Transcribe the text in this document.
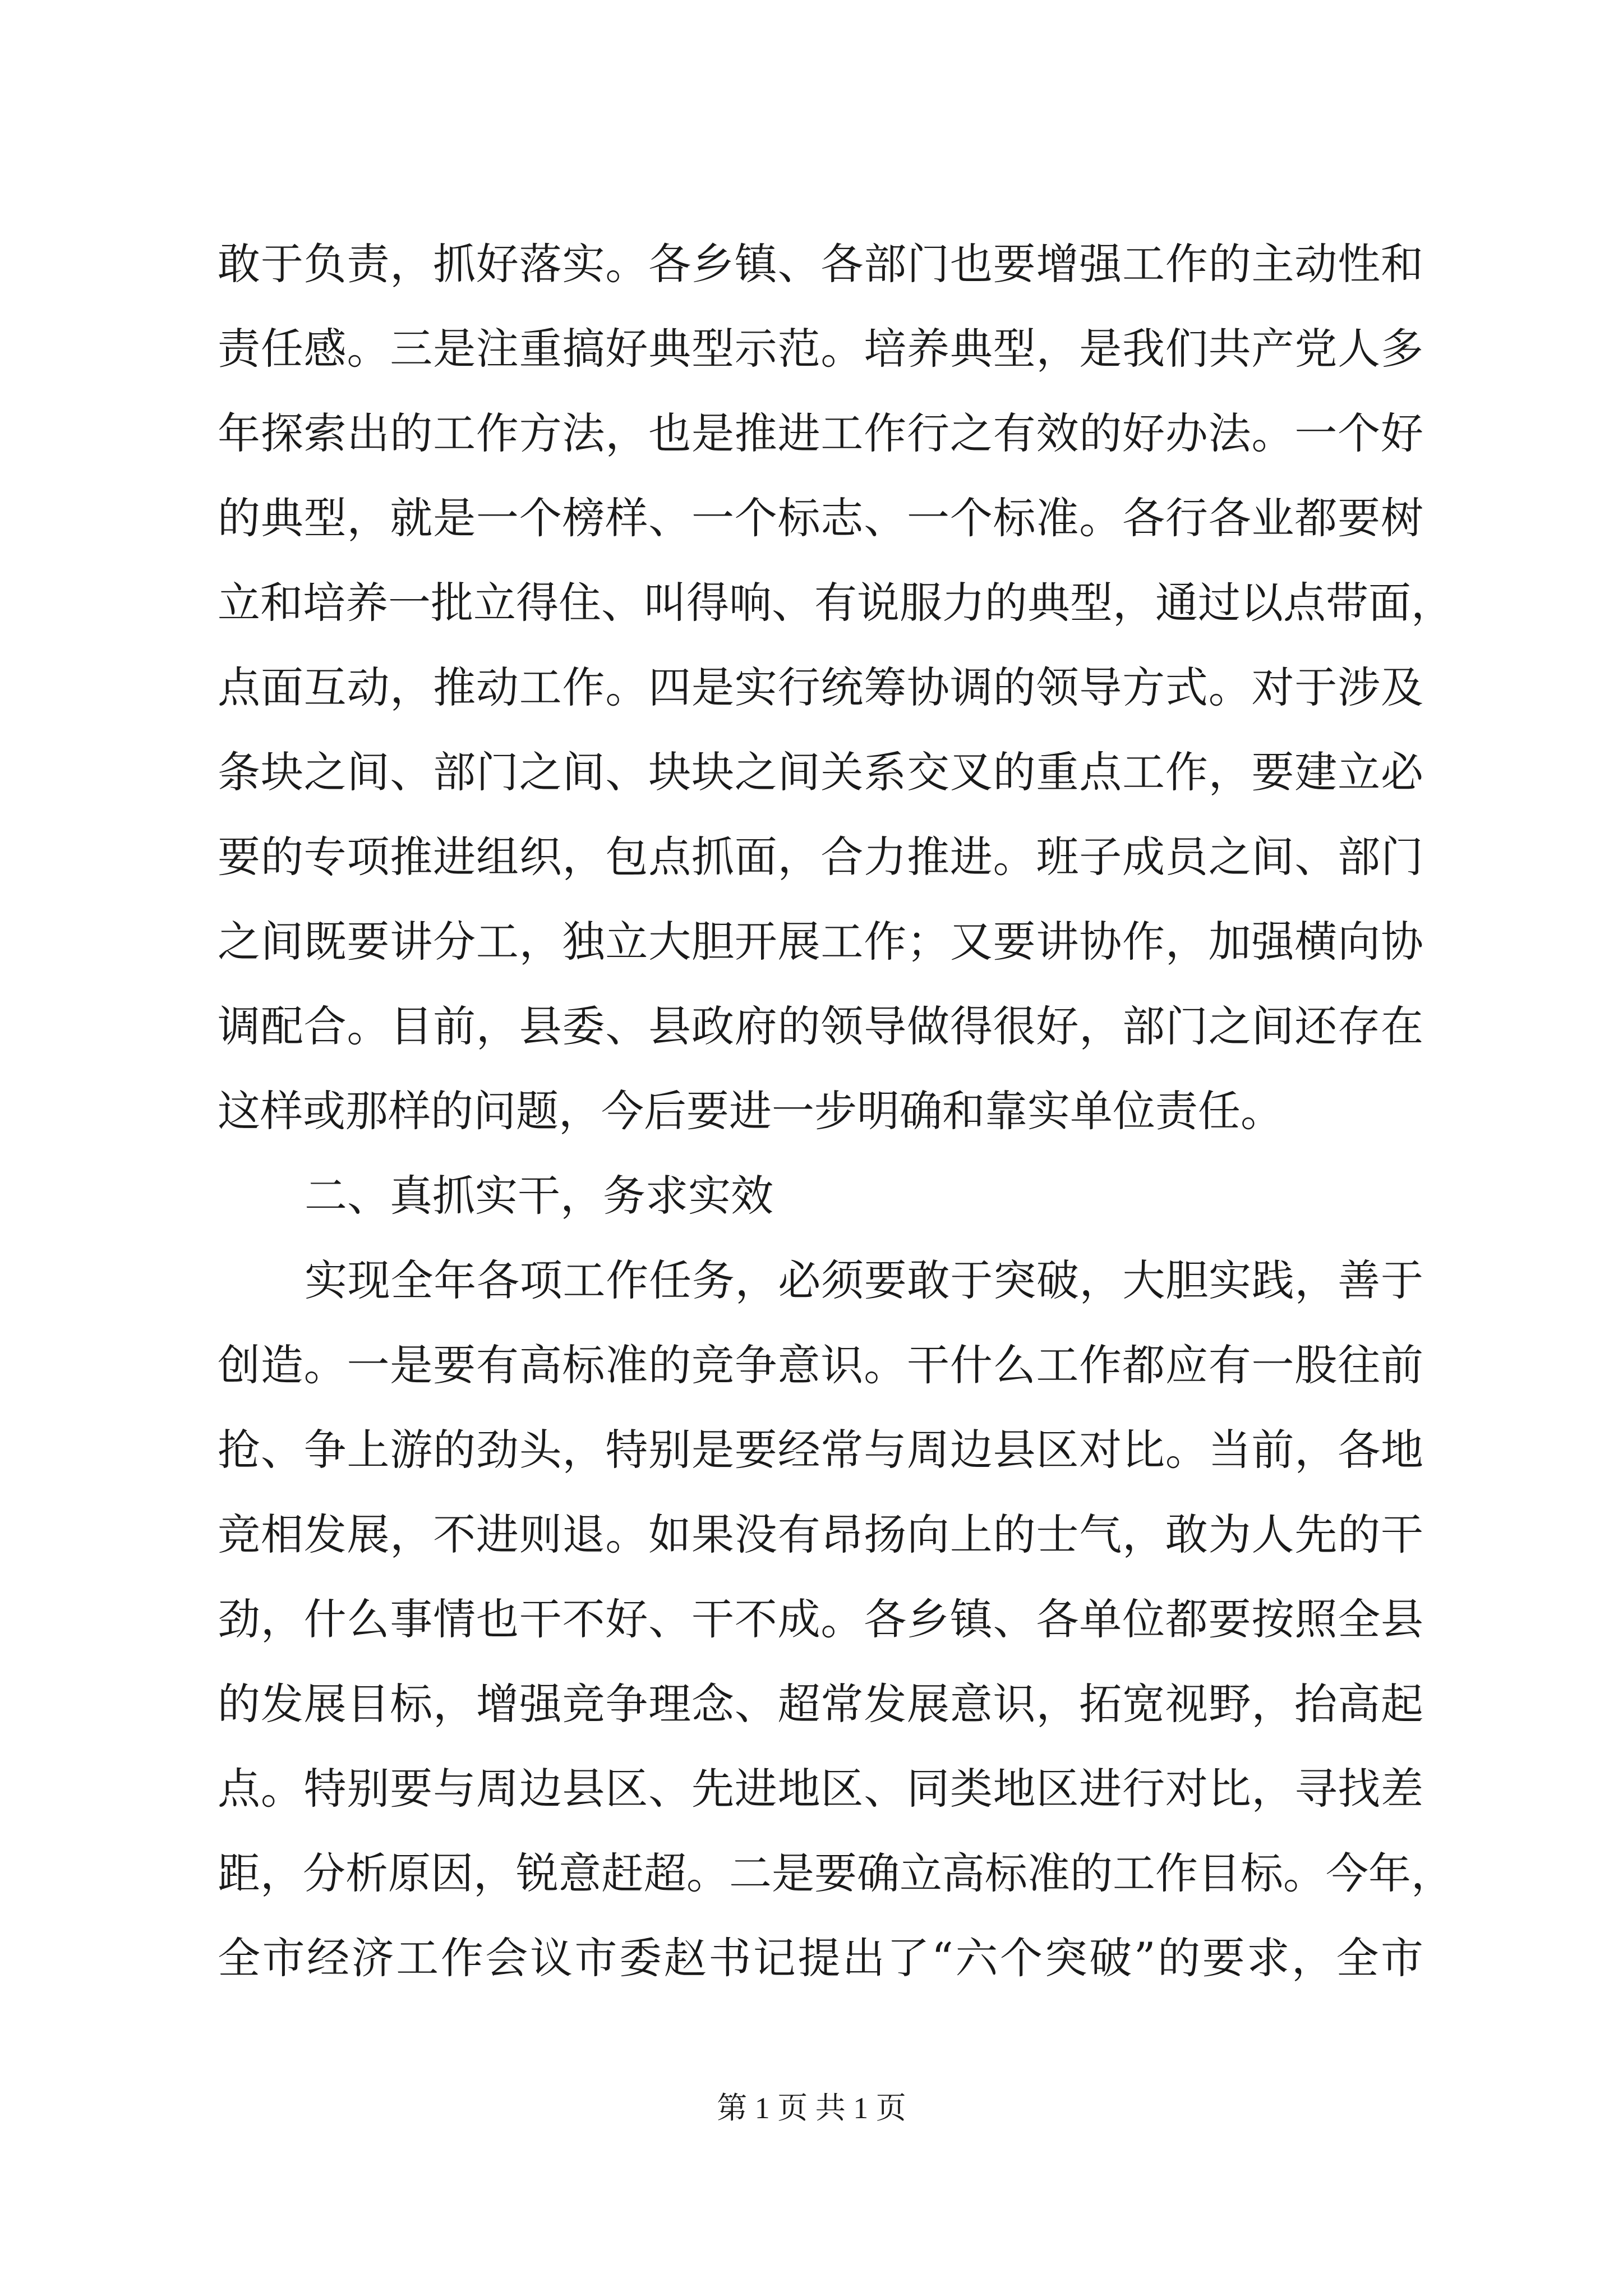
敢于负责，抓好落实。各乡镇、各部门也要增强工作的主动性和
责任感。三是注重搞好典型示范。培养典型，是我们共产党人多
年探索出的工作方法，也是推进工作行之有效的好办法。一个好
的典型，就是一个榜样、一个标志、一个标准。各行各业都要树
立和培养一批立得住、叫得响、有说服力的典型，通过以点带面，
点面互动，推动工作。四是实行统筹协调的领导方式。对于涉及
条块之间、部门之间、块块之间关系交叉的重点工作，要建立必
要的专项推进组织，包点抓面，合力推进。班子成员之间、部门
之间既要讲分工，独立大胆开展工作；又要讲协作，加强横向协
调配合。目前，县委、县政府的领导做得很好，部门之间还存在
这样或那样的问题，今后要进一步明确和靠实单位责任。
二、真抓实干，务求实效
实现全年各项工作任务，必须要敢于突破，大胆实践，善于
创造。一是要有高标准的竞争意识。干什么工作都应有一股往前
抢、争上游的劲头，特别是要经常与周边县区对比。当前，各地
竞相发展，不进则退。如果没有昂扬向上的士气，敢为人先的干
劲，什么事情也干不好、干不成。各乡镇、各单位都要按照全县
的发展目标，增强竞争理念、超常发展意识，拓宽视野，抬高起
点。特别要与周边县区、先进地区、同类地区进行对比，寻找差
距，分析原因，锐意赶超。二是要确立高标准的工作目标。今年，
全市经济工作会议市委赵书记提出了“六个突破”的要求，全市
第 1 页 共 1 页
